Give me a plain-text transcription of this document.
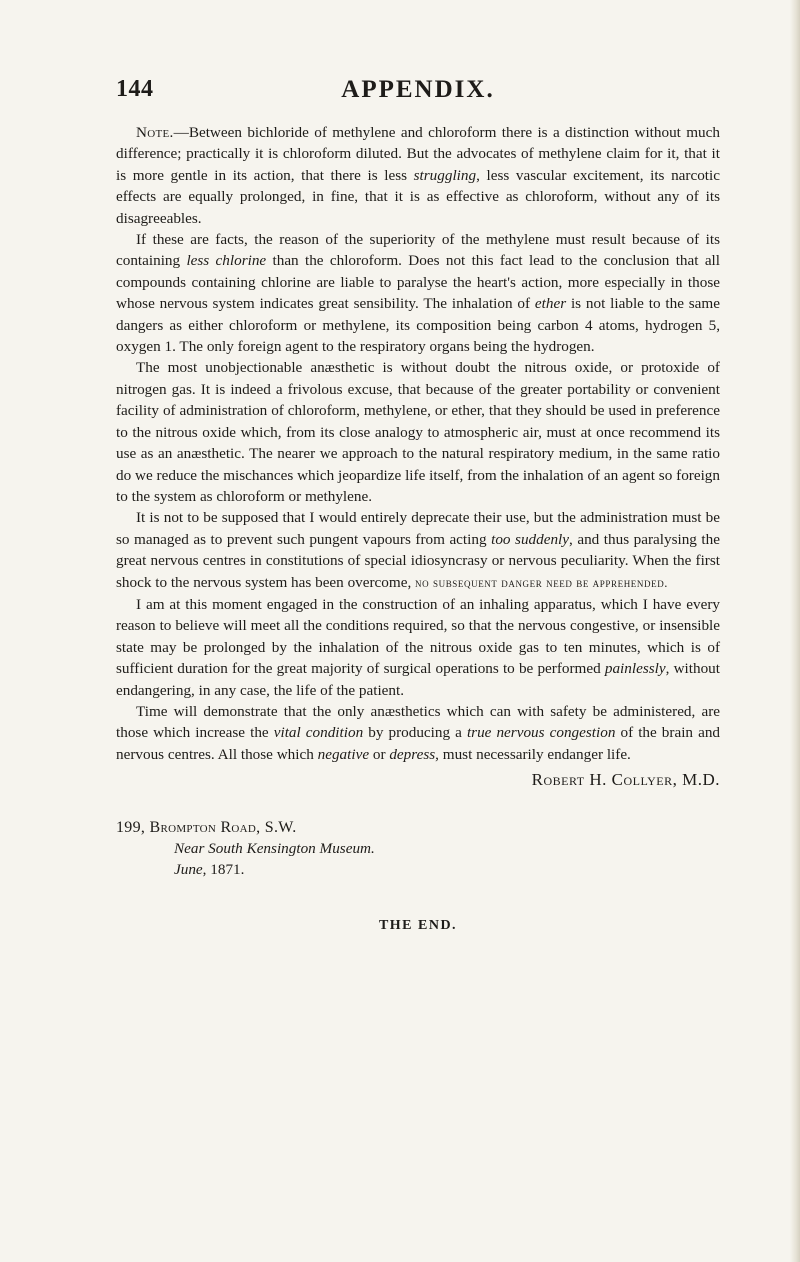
144	APPENDIX.

Note.—Between bichloride of methylene and chloroform there is a distinction without much difference; practically it is chloroform diluted. But the advocates of methylene claim for it, that it is more gentle in its action, that there is less struggling, less vascular excitement, its narcotic effects are equally prolonged, in fine, that it is as effective as chloroform, without any of its disagreeables.

If these are facts, the reason of the superiority of the methylene must result because of its containing less chlorine than the chloroform. Does not this fact lead to the conclusion that all compounds containing chlorine are liable to paralyse the heart's action, more especially in those whose nervous system indicates great sensibility. The inhalation of ether is not liable to the same dangers as either chloroform or methylene, its composition being carbon 4 atoms, hydrogen 5, oxygen 1. The only foreign agent to the respiratory organs being the hydrogen.

The most unobjectionable anæsthetic is without doubt the nitrous oxide, or protoxide of nitrogen gas. It is indeed a frivolous excuse, that because of the greater portability or convenient facility of administration of chloroform, methylene, or ether, that they should be used in preference to the nitrous oxide which, from its close analogy to atmospheric air, must at once recommend its use as an anæsthetic. The nearer we approach to the natural respiratory medium, in the same ratio do we reduce the mischances which jeopardize life itself, from the inhalation of an agent so foreign to the system as chloroform or methylene.

It is not to be supposed that I would entirely deprecate their use, but the administration must be so managed as to prevent such pungent vapours from acting too suddenly, and thus paralysing the great nervous centres in constitutions of special idiosyncrasy or nervous peculiarity. When the first shock to the nervous system has been overcome, no subsequent danger need be apprehended.

I am at this moment engaged in the construction of an inhaling apparatus, which I have every reason to believe will meet all the conditions required, so that the nervous congestive, or insensible state may be prolonged by the inhalation of the nitrous oxide gas to ten minutes, which is of sufficient duration for the great majority of surgical operations to be performed painlessly, without endangering, in any case, the life of the patient.

Time will demonstrate that the only anæsthetics which can with safety be administered, are those which increase the vital condition by producing a true nervous congestion of the brain and nervous centres. All those which negative or depress, must necessarily endanger life.

Robert H. Collyer, M.D.
199, Brompton Road, S.W.
Near South Kensington Museum.
June, 1871.
THE END.
